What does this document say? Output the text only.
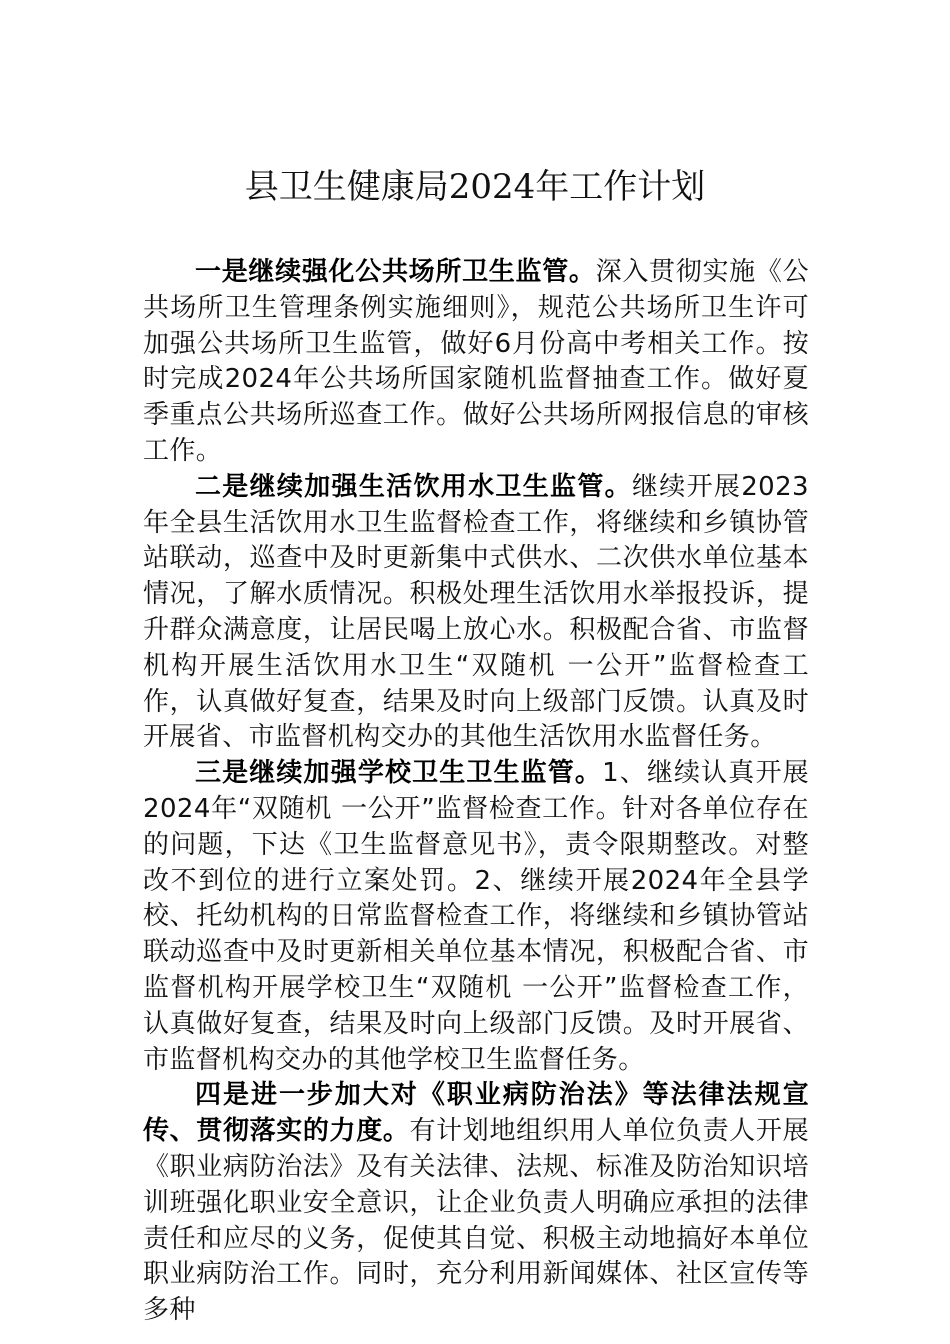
县卫生健康局2024年工作计划

一是继续强化公共场所卫生监管。深入贯彻实施《公共场所卫生管理条例实施细则》，规范公共场所卫生许可加强公共场所卫生监管，做好6月份高中考相关工作。按时完成2024年公共场所国家随机监督抽查工作。做好夏季重点公共场所巡查工作。做好公共场所网报信息的审核工作。

二是继续加强生活饮用水卫生监管。继续开展2023年全县生活饮用水卫生监督检查工作，将继续和乡镇协管站联动，巡查中及时更新集中式供水、二次供水单位基本情况，了解水质情况。积极处理生活饮用水举报投诉，提升群众满意度，让居民喝上放心水。积极配合省、市监督机构开展生活饮用水卫生“双随机 一公开”监督检查工作，认真做好复查，结果及时向上级部门反馈。认真及时开展省、市监督机构交办的其他生活饮用水监督任务。

三是继续加强学校卫生卫生监管。1、继续认真开展2024年“双随机 一公开”监督检查工作。针对各单位存在的问题，下达《卫生监督意见书》，责令限期整改。对整改不到位的进行立案处罚。2、继续开展2024年全县学校、托幼机构的日常监督检查工作，将继续和乡镇协管站联动巡查中及时更新相关单位基本情况，积极配合省、市监督机构开展学校卫生“双随机 一公开”监督检查工作，认真做好复查，结果及时向上级部门反馈。及时开展省、市监督机构交办的其他学校卫生监督任务。

四是进一步加大对《职业病防治法》等法律法规宣传、贯彻落实的力度。有计划地组织用人单位负责人开展《职业病防治法》及有关法律、法规、标准及防治知识培训班强化职业安全意识，让企业负责人明确应承担的法律责任和应尽的义务，促使其自觉、积极主动地搞好本单位职业病防治工作。同时，充分利用新闻媒体、社区宣传等多种
